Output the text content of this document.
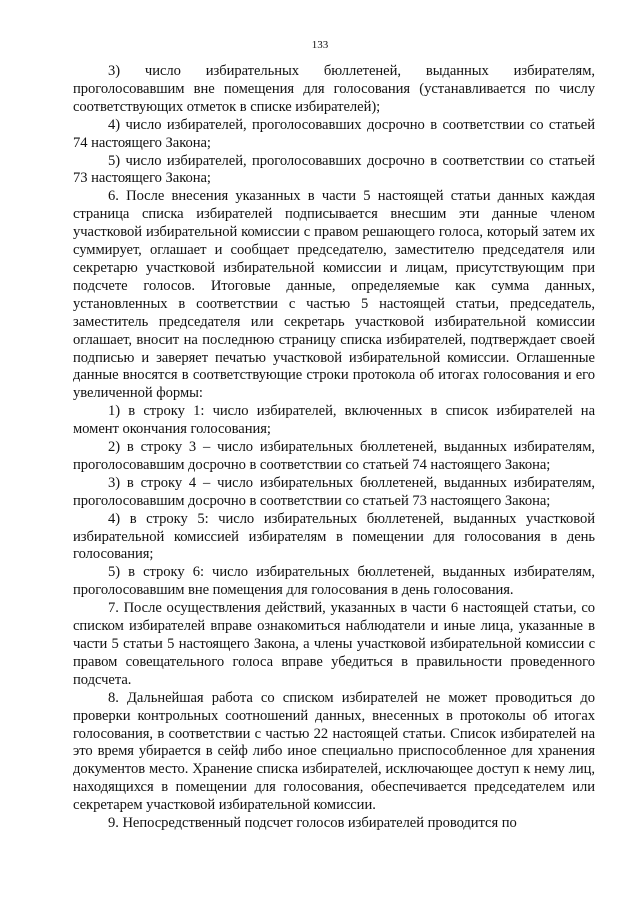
133

3) число избирательных бюллетеней, выданных избирателям, проголосовавшим вне помещения для голосования (устанавливается по числу соответствующих отметок в списке избирателей);

4) число избирателей, проголосовавших досрочно в соответствии со статьей 74 настоящего Закона;

5) число избирателей, проголосовавших досрочно в соответствии со статьей 73 настоящего Закона;

6. После внесения указанных в части 5 настоящей статьи данных каждая страница списка избирателей подписывается внесшим эти данные членом участковой избирательной комиссии с правом решающего голоса, который затем их суммирует, оглашает и сообщает председателю, заместителю председателя или секретарю участковой избирательной комиссии и лицам, присутствующим при подсчете голосов. Итоговые данные, определяемые как сумма данных, установленных в соответствии с частью 5 настоящей статьи, председатель, заместитель председателя или секретарь участковой избирательной комиссии оглашает, вносит на последнюю страницу списка избирателей, подтверждает своей подписью и заверяет печатью участковой избирательной комиссии. Оглашенные данные вносятся в соответствующие строки протокола об итогах голосования и его увеличенной формы:

1) в строку 1: число избирателей, включенных в список избирателей на момент окончания голосования;

2) в строку 3 – число избирательных бюллетеней, выданных избирателям, проголосовавшим досрочно в соответствии со статьей 74 настоящего Закона;

3) в строку 4 – число избирательных бюллетеней, выданных избирателям, проголосовавшим досрочно в соответствии со статьей 73 настоящего Закона;

4) в строку 5: число избирательных бюллетеней, выданных участковой избирательной комиссией избирателям в помещении для голосования в день голосования;

5) в строку 6: число избирательных бюллетеней, выданных избирателям, проголосовавшим вне помещения для голосования в день голосования.

7. После осуществления действий, указанных в части 6 настоящей статьи, со списком избирателей вправе ознакомиться наблюдатели и иные лица, указанные в части 5 статьи 5 настоящего Закона, а члены участковой избирательной комиссии с правом совещательного голоса вправе убедиться в правильности проведенного подсчета.

8. Дальнейшая работа со списком избирателей не может проводиться до проверки контрольных соотношений данных, внесенных в протоколы об итогах голосования, в соответствии с частью 22 настоящей статьи. Список избирателей на это время убирается в сейф либо иное специально приспособленное для хранения документов место. Хранение списка избирателей, исключающее доступ к нему лиц, находящихся в помещении для голосования, обеспечивается председателем или секретарем участковой избирательной комиссии.

9. Непосредственный подсчет голосов избирателей проводится по
